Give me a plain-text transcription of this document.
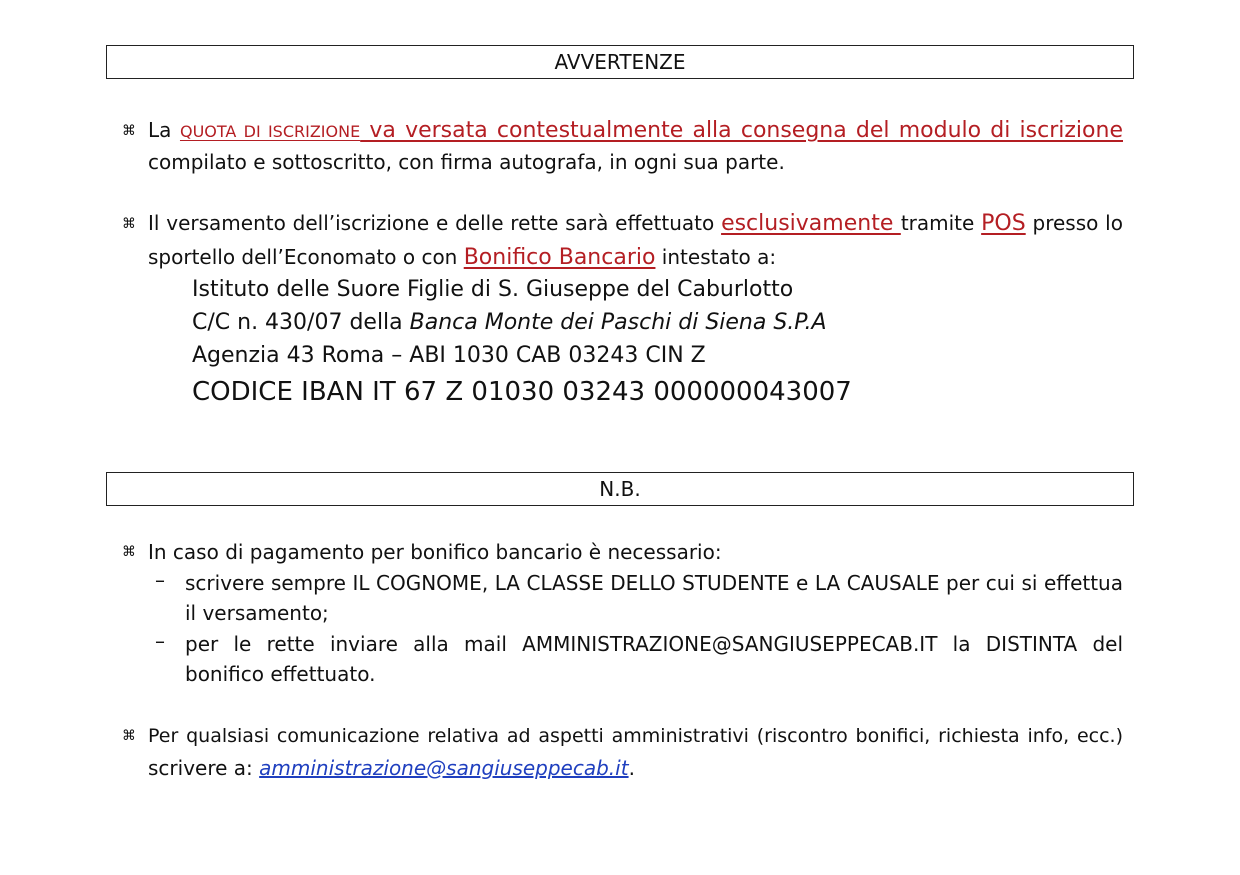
AVVERTENZE
⌘ La QUOTA DI ISCRIZIONE va versata contestualmente alla consegna del modulo di iscrizione
compilato e sottoscritto, con firma autografa, in ogni sua parte.
⌘ Il versamento dell’iscrizione e delle rette sarà effettuato esclusivamente tramite POS presso lo
sportello dell’Economato o con Bonifico Bancario intestato a:
Istituto delle Suore Figlie di S. Giuseppe del Caburlotto
C/C n. 430/07 della Banca Monte dei Paschi di Siena S.P.A
Agenzia 43 Roma – ABI 1030 CAB 03243 CIN Z
CODICE IBAN IT 67 Z 01030 03243 000000043007
N.B.
⌘ In caso di pagamento per bonifico bancario è necessario:
– scrivere sempre IL COGNOME, LA CLASSE DELLO STUDENTE e LA CAUSALE per cui si effettua
il versamento;
– per le rette inviare alla mail AMMINISTRAZIONE@SANGIUSEPPECAB.IT la DISTINTA del
bonifico effettuato.
⌘ Per qualsiasi comunicazione relativa ad aspetti amministrativi (riscontro bonifici, richiesta info, ecc.)
scrivere a: amministrazione@sangiuseppecab.it.
